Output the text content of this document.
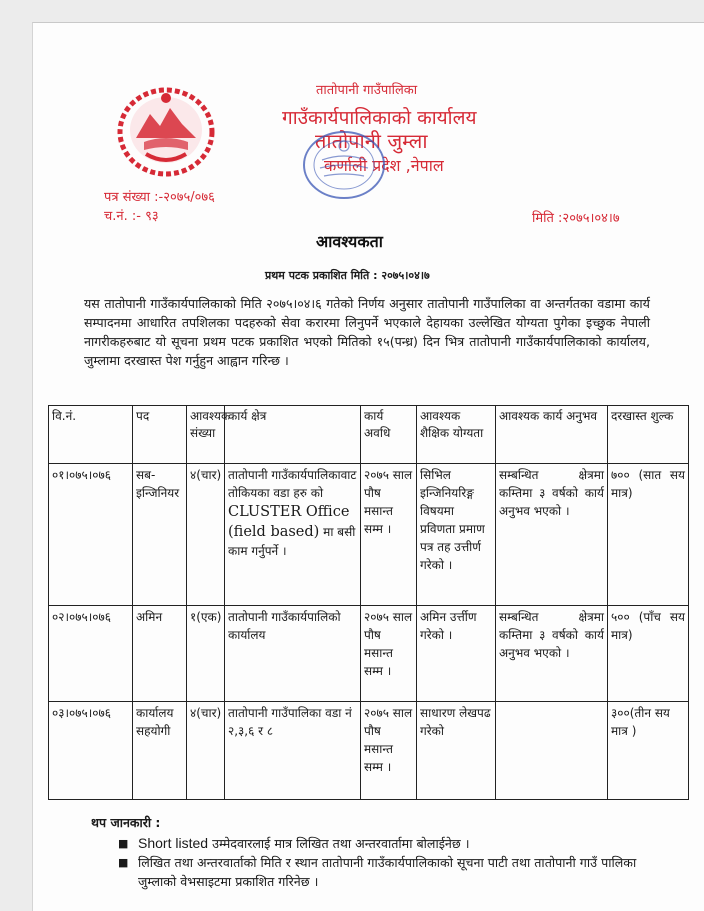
तातोपानी गाउँपालिका
गाउँकार्यपालिकाको कार्यालय
तातोपानी जुम्ला
कर्णाली प्रदेश ,नेपाल
पत्र संख्या :-२०७५/०७६
च.नं. :- ९३	मिति :२०७५।०४।७
आवश्यकता
प्रथम पटक प्रकाशित मिति : २०७५।०४।७
यस तातोपानी गाउँकार्यपालिकाको मिति २०७५।०४।६ गतेको निर्णय अनुसार तातोपानी गाउँपालिका वा अन्तर्गतका वडामा कार्य सम्पादनमा आधारित तपशिलका पदहरुको सेवा करारमा लिनुपर्ने भएकाले देहायका उल्लेखित योग्यता पुगेका इच्छुक नेपाली नागरीकहरुबाट यो सूचना प्रथम पटक प्रकाशित भएको मितिको १५(पन्ध्र) दिन भित्र तातोपानी गाउँकार्यपालिकाको कार्यालय, जुम्लामा दरखास्त पेश गर्नुहुन आह्वान गरिन्छ ।
वि.नं.	पद	आवश्यक संख्या	कार्य क्षेत्र	कार्य अवधि	आवश्यक शैक्षिक योग्यता	आवश्यक कार्य अनुभव	दरखास्त शुल्क
०१।०७५।०७६	सब-इन्जिनियर	४(चार)	तातोपानी गाउँकार्यपालिकावाट तोकियका वडा हरु को CLUSTER Office (field based) मा बसी काम गर्नुपर्ने ।	२०७५ साल पौष मसान्त सम्म ।	सिभिल इन्जिनियरिङ्ग विषयमा प्रविणता प्रमाण पत्र तह उत्तीर्ण गरेको ।	सम्बन्धित क्षेत्रमा कम्तिमा ३ वर्षको कार्य अनुभव भएको ।	७०० (सात सय मात्र)
०२।०७५।०७६	अमिन	१(एक)	तातोपानी गाउँकार्यपालिको कार्यालय	२०७५ साल पौष मसान्त सम्म ।	अमिन उर्त्तीण गरेको ।	सम्बन्धित क्षेत्रमा कम्तिमा ३ वर्षको कार्य अनुभव भएको ।	५०० (पाँच सय मात्र)
०३।०७५।०७६	कार्यालय सहयोगी	४(चार)	तातोपानी गाउँपालिका वडा नं २,३,६ र ८	२०७५ साल पौष मसान्त सम्म ।	साधारण लेखपढ गरेको		३००(तीन सय मात्र )
थप जानकारी :
■ Short listed उम्मेदवारलाई मात्र लिखित तथा अन्तरवार्तामा बोलाईनेछ ।
■ लिखित तथा अन्तरवार्ताको मिति र स्थान तातोपानी गाउँकार्यपालिकाको सूचना पाटी तथा तातोपानी गाउँ पालिका जुम्लाको वेभसाइटमा प्रकाशित गरिनेछ ।
